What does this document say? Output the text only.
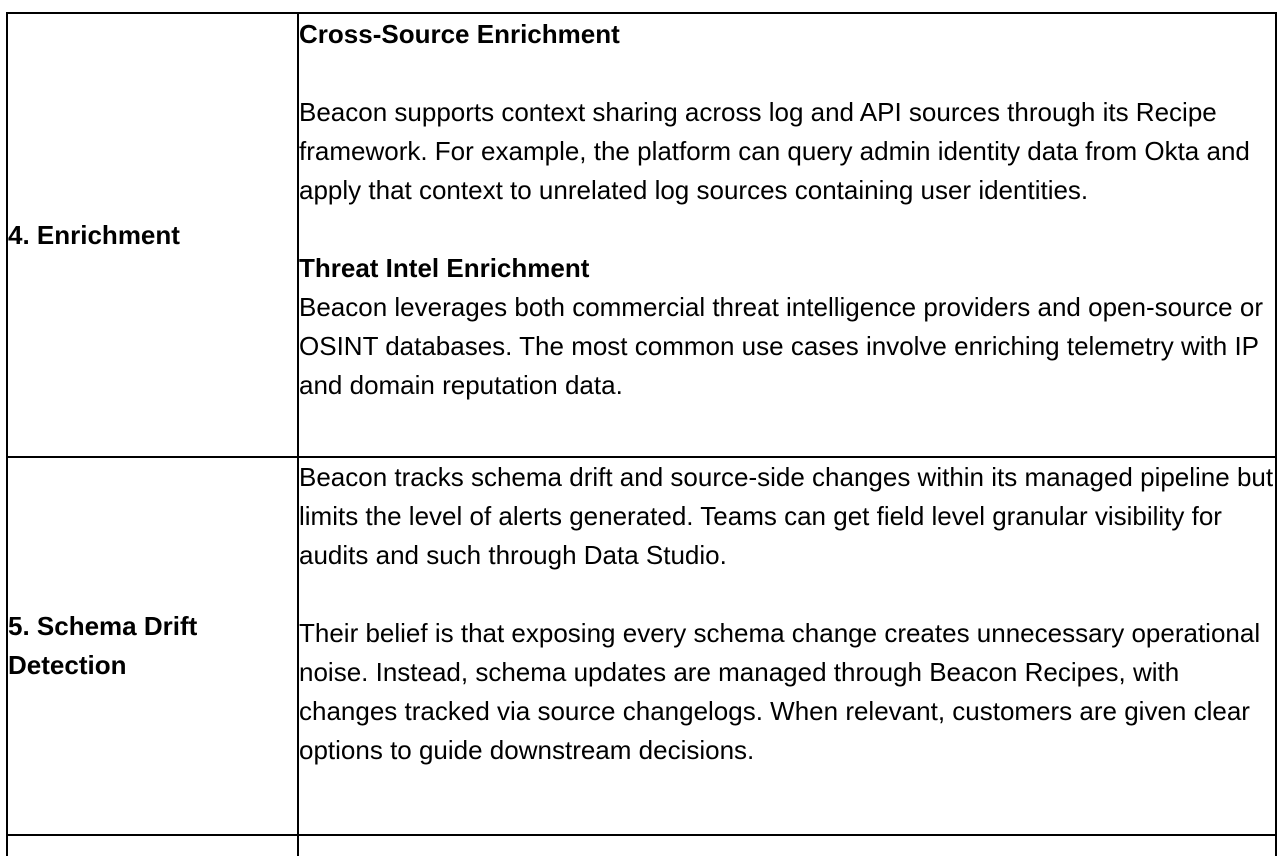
4. Enrichment	Cross-Source Enrichment

Beacon supports context sharing across log and API sources through its Recipe framework. For example, the platform can query admin identity data from Okta and apply that context to unrelated log sources containing user identities.

Threat Intel Enrichment

Beacon leverages both commercial threat intelligence providers and open-source or OSINT databases. The most common use cases involve enriching telemetry with IP and domain reputation data.

5. Schema Drift Detection	Beacon tracks schema drift and source-side changes within its managed pipeline but limits the level of alerts generated. Teams can get field level granular visibility for audits and such through Data Studio.

Their belief is that exposing every schema change creates unnecessary operational noise. Instead, schema updates are managed through Beacon Recipes, with changes tracked via source changelogs. When relevant, customers are given clear options to guide downstream decisions.
